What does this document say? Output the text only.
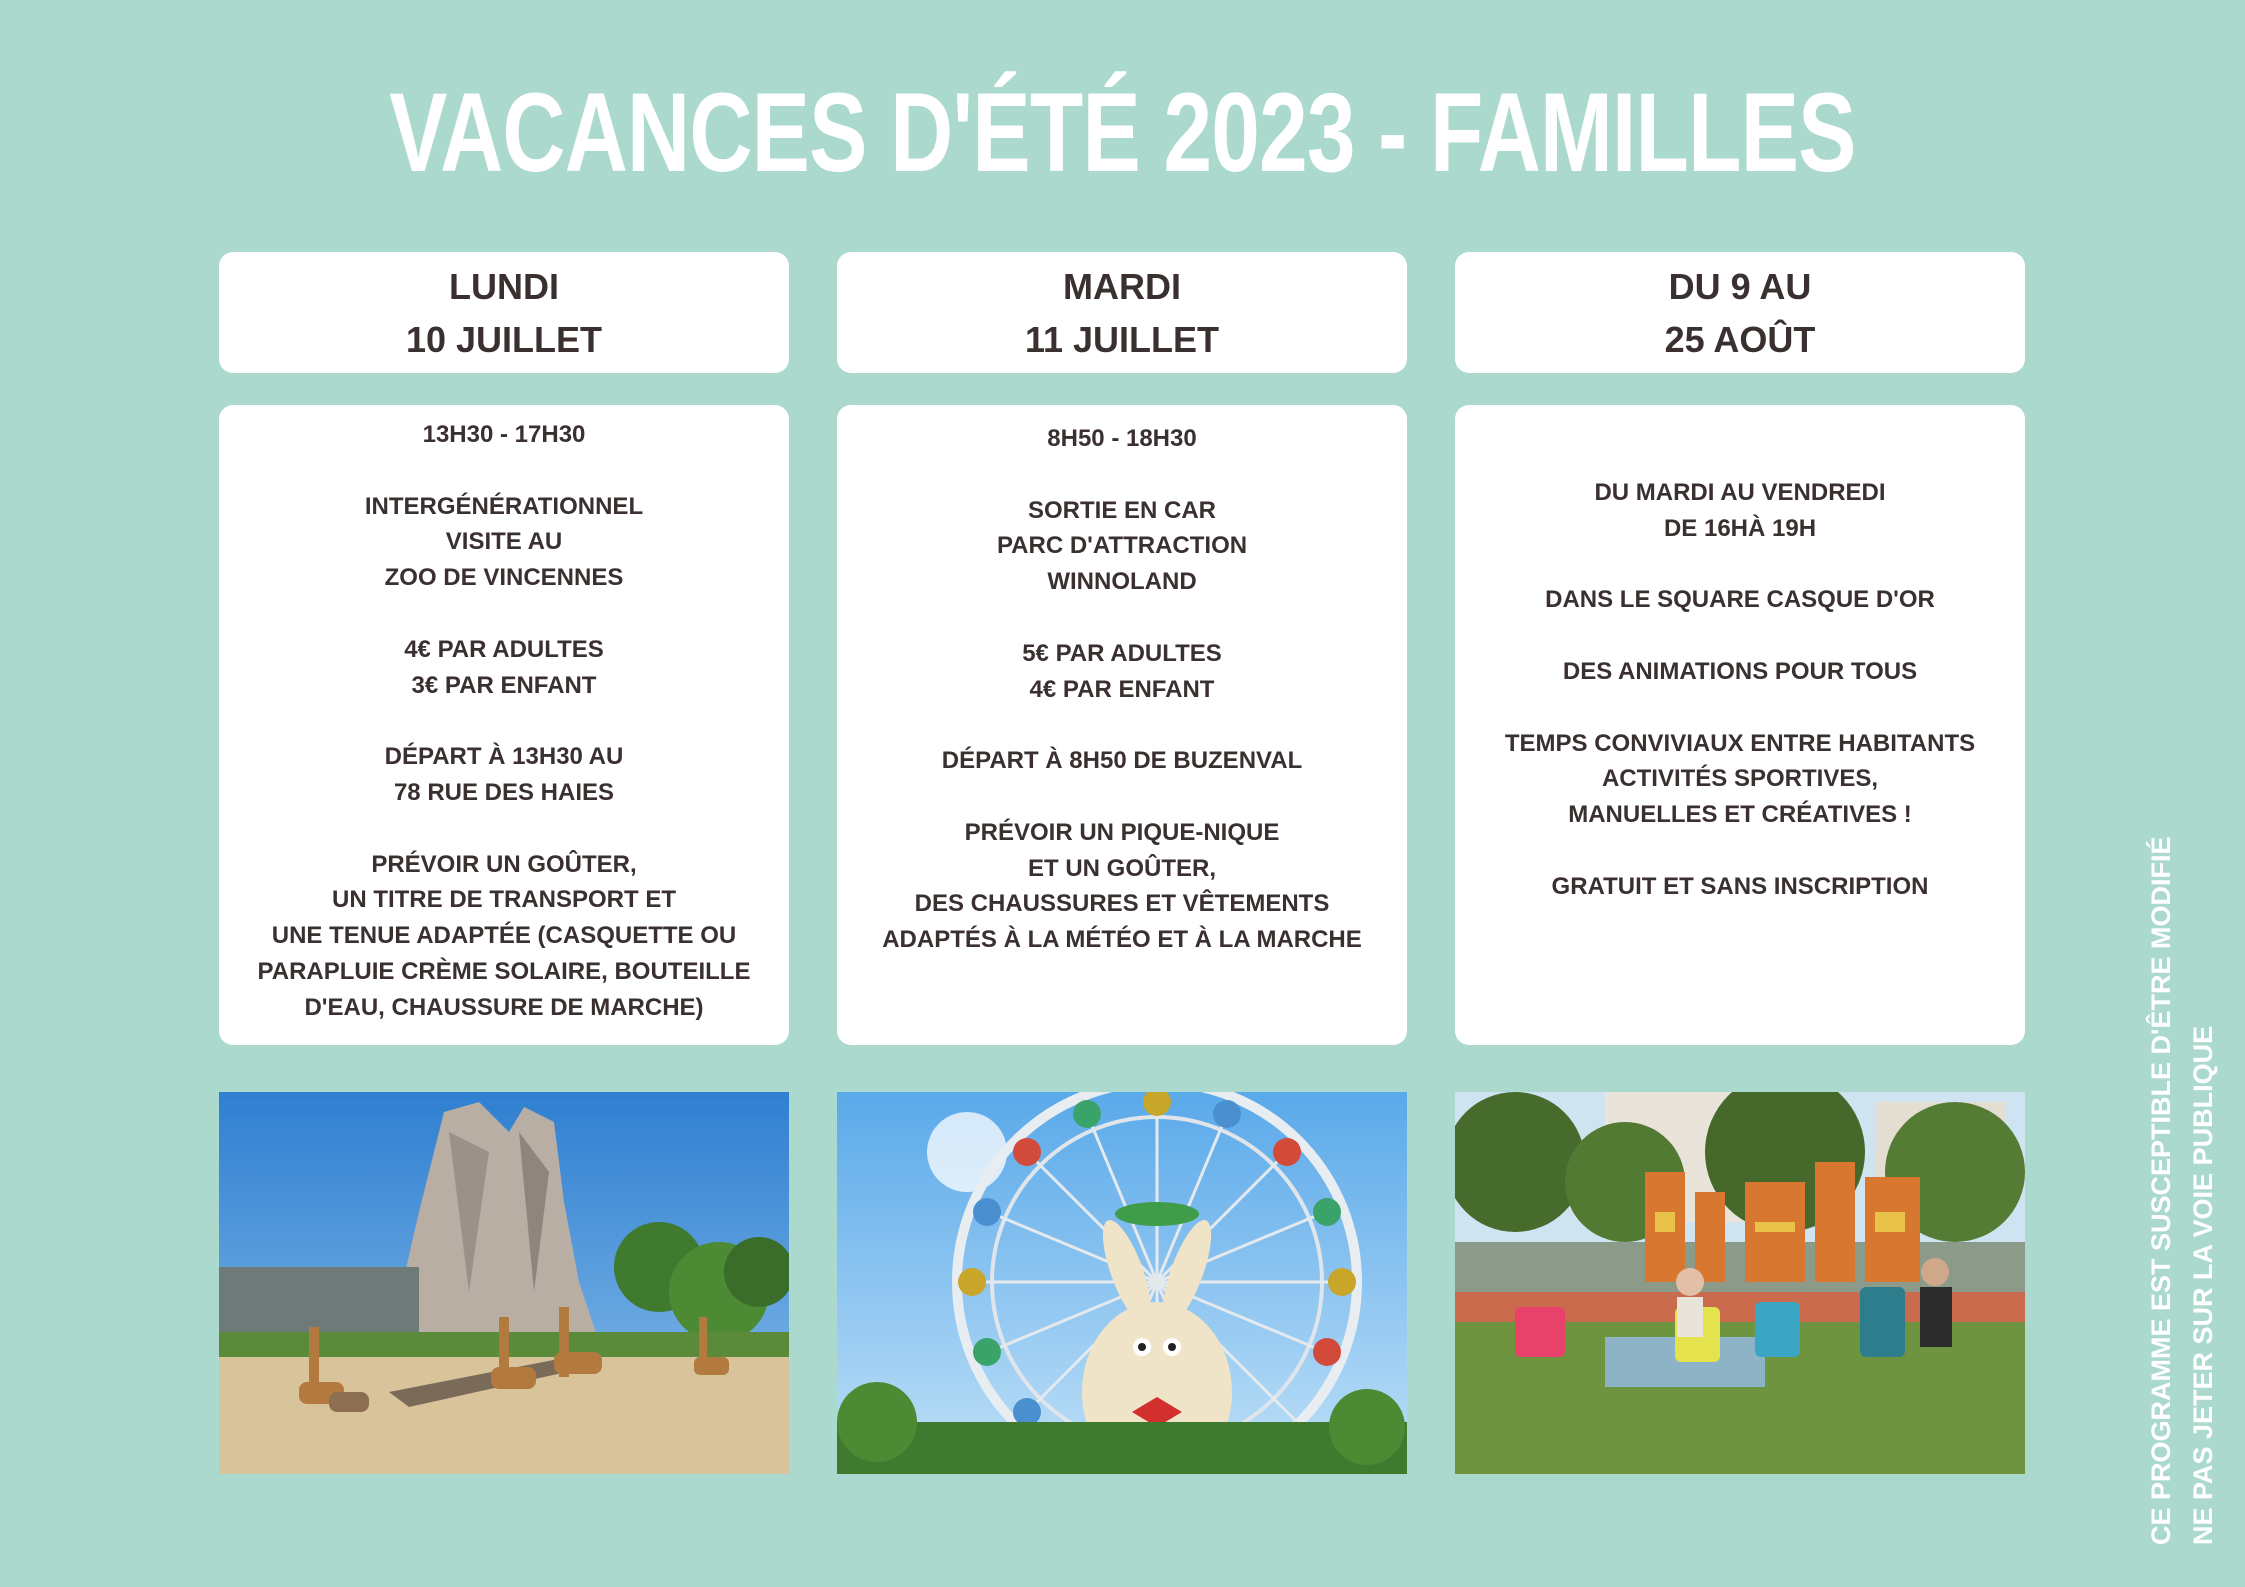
VACANCES D'ÉTÉ 2023 - FAMILLES
LUNDI
10 JUILLET
MARDI
11 JUILLET
DU 9 AU
25 AOÛT
13H30 - 17H30
INTERGÉNÉRATIONNEL
VISITE AU
ZOO DE VINCENNES
4€ PAR ADULTES
3€ PAR ENFANT
DÉPART À 13H30 AU
78 RUE DES HAIES
PRÉVOIR UN GOÛTER,
UN TITRE DE TRANSPORT ET
UNE TENUE ADAPTÉE (CASQUETTE OU
PARAPLUIE CRÈME SOLAIRE, BOUTEILLE
D'EAU, CHAUSSURE DE MARCHE)
8H50 - 18H30
SORTIE EN CAR
PARC D'ATTRACTION
WINNOLAND
5€ PAR ADULTES
4€ PAR ENFANT
DÉPART À 8H50 DE BUZENVAL
PRÉVOIR UN PIQUE-NIQUE
ET UN GOÛTER,
DES CHAUSSURES ET VÊTEMENTS
ADAPTÉS À LA MÉTÉO ET À LA MARCHE
DU MARDI AU VENDREDI
DE 16HÀ 19H
DANS LE SQUARE CASQUE D'OR
DES ANIMATIONS POUR TOUS
TEMPS CONVIVIAUX ENTRE HABITANTS
ACTIVITÉS SPORTIVES,
MANUELLES ET CRÉATIVES !
GRATUIT ET SANS INSCRIPTION	CE PROGRAMME EST SUSCEPTIBLE D'ÊTRE MODIFIÉ NE PAS JETER SUR LA VOIE PUBLIQUE
